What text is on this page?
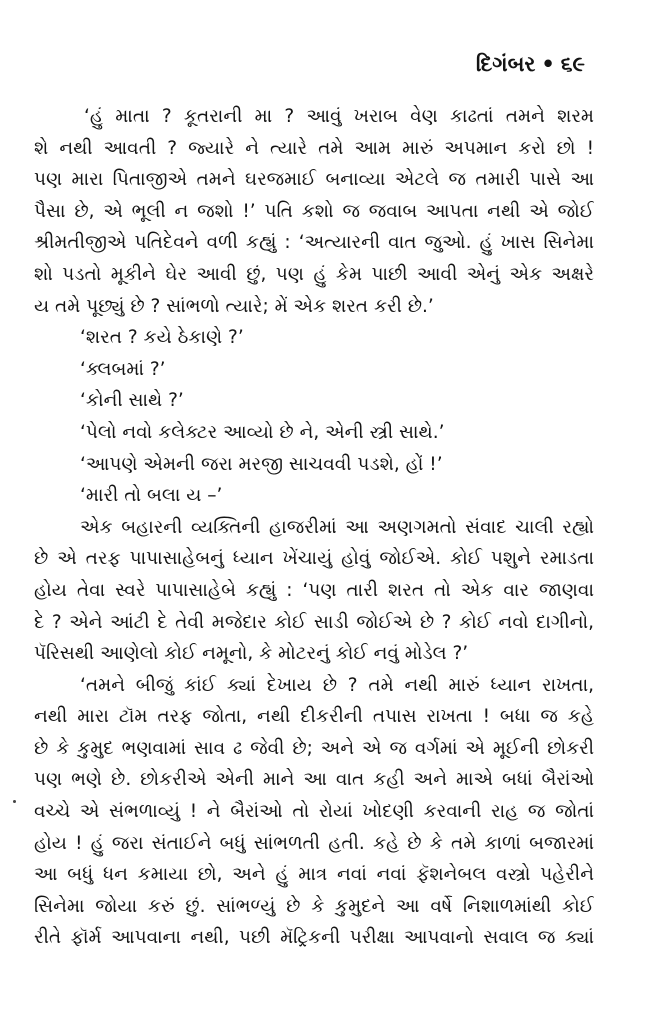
દિગંબર • ૬૯
‘હું માતા ? કૂતરાની મા ? આવું ખરાબ વેણ કાઢતાં તમને શરમ
શે નથી આવતી ? જ્યારે ને ત્યારે તમે આમ મારું અપમાન કરો છો !
પણ મારા પિતાજીએ તમને ઘરજમાઈ બનાવ્યા એટલે જ તમારી પાસે આ
પૈસા છે, એ ભૂલી ન જશો !’ પતિ કશો જ જવાબ આપતા નથી એ જોઈ
શ્રીમતીજીએ પતિદેવને વળી કહ્યું : ‘અત્યારની વાત જુઓ. હું ખાસ સિનેમા
શો પડતો મૂકીને ઘેર આવી છું, પણ હું કેમ પાછી આવી એનું એક અક્ષરે
ય તમે પૂછ્યું છે ? સાંભળો ત્યારે; મેં એક શરત કરી છે.’
‘શરત ? કયે ઠેકાણે ?’
‘ક્લબમાં ?’
‘કોની સાથે ?’
‘પેલો નવો કલેક્ટર આવ્યો છે ને, એની સ્ત્રી સાથે.’
‘આપણે એમની જરા મરજી સાચવવી પડશે, હોં !’
‘મારી તો બલા ય –’
એક બહારની વ્યક્તિની હાજરીમાં આ અણગમતો સંવાદ ચાલી રહ્યો
છે એ તરફ પાપાસાહેબનું ધ્યાન ખેંચાયું હોવું જોઈએ. કોઈ પશુને રમાડતા
હોય તેવા સ્વરે પાપાસાહેબે કહ્યું : ‘પણ તારી શરત તો એક વાર જાણવા
દે ? એને આંટી દે તેવી મજેદાર કોઈ સાડી જોઈએ છે ? કોઈ નવો દાગીનો,
પૅરિસથી આણેલો કોઈ નમૂનો, કે મોટરનું કોઈ નવું મોડેલ ?’
‘તમને બીજું કાંઈ ક્યાં દેખાય છે ? તમે નથી મારું ધ્યાન રાખતા,
નથી મારા ટૉમ તરફ જોતા, નથી દીકરીની તપાસ રાખતા ! બધા જ કહે
છે કે કુમુદ ભણવામાં સાવ ઢ જેવી છે; અને એ જ વર્ગમાં એ મૂઈની છોકરી
પણ ભણે છે. છોકરીએ એની માને આ વાત કહી અને માએ બધાં બૈરાંઓ
વચ્ચે એ સંભળાવ્યું ! ને બૈરાંઓ તો રોયાં ખોદણી કરવાની રાહ જ જોતાં
હોય ! હું જરા સંતાઈને બધું સાંભળતી હતી. કહે છે કે તમે કાળાં બજારમાં
આ બધું ધન કમાયા છો, અને હું માત્ર નવાં નવાં ફૅશનેબલ વસ્ત્રો પહેરીને
સિનેમા જોયા કરું છું. સાંભળ્યું છે કે કુમુદને આ વર્ષે નિશાળમાંથી કોઈ
રીતે ફૉર્મ આપવાના નથી, પછી મૅટ્રિકની પરીક્ષા આપવાનો સવાલ જ ક્યાં
